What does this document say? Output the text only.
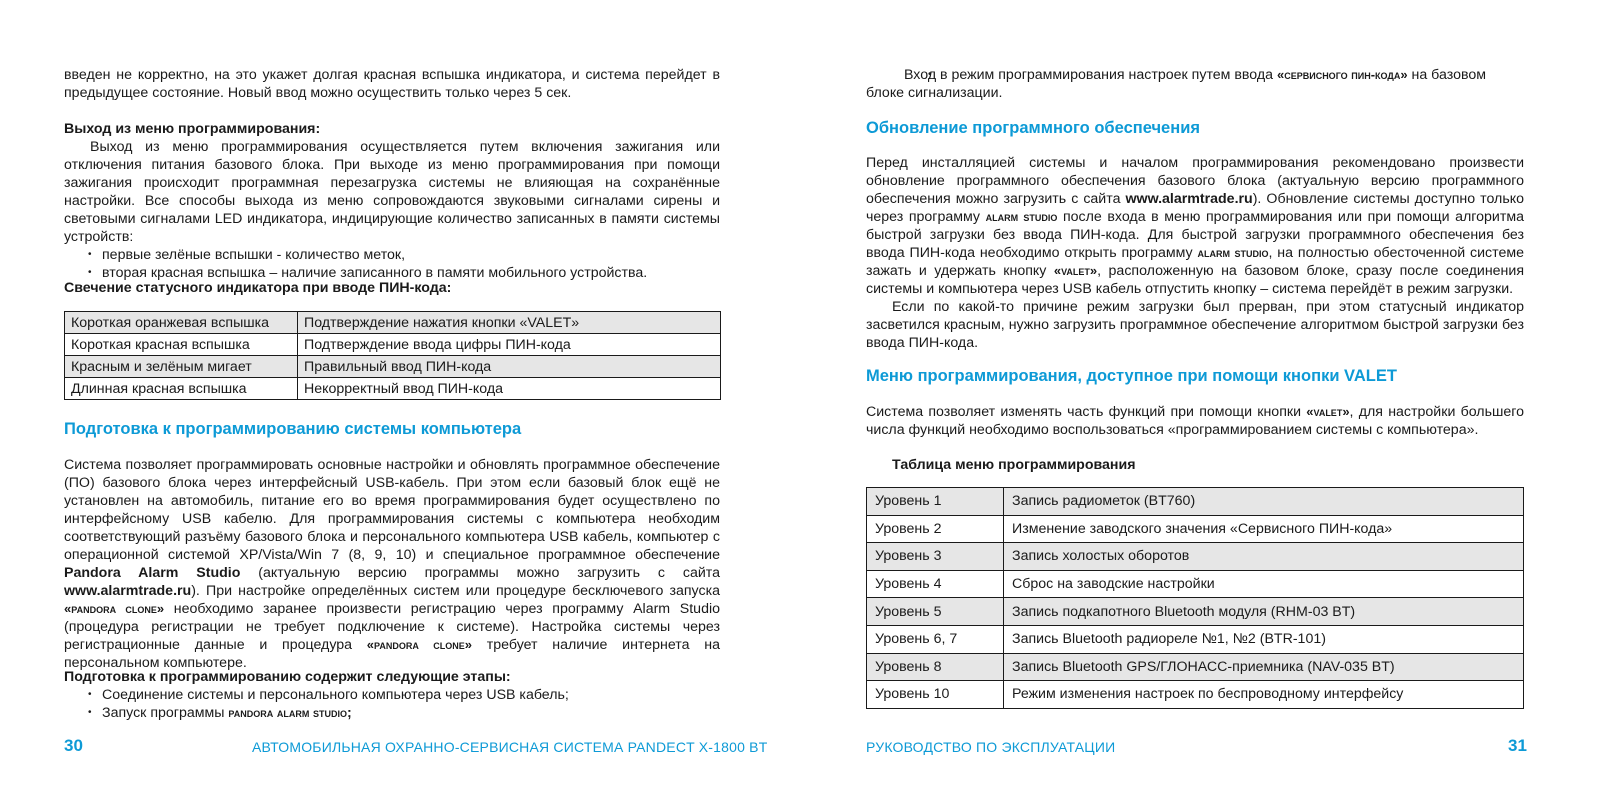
введен не корректно, на это укажет долгая красная вспышка индикатора, и система перейдет в предыдущее состояние. Новый ввод можно осуществить только через 5 сек.

Выход из меню программирования:

Выход из меню программирования осуществляется путем включения зажигания или отключения питания базового блока. При выходе из меню программирования при помощи зажигания происходит программная перезагрузка системы не влияющая на сохранённые настройки. Все способы выхода из меню сопровождаются звуковыми сигналами сирены и световыми сигналами LED индикатора, индицирующие количество записанных в памяти системы устройств:

• первые зелёные вспышки - количество меток,
• вторая красная вспышка – наличие записанного в памяти мобильного устройства.

Свечение статусного индикатора при вводе ПИН-кода:

Короткая оранжевая вспышка	Подтверждение нажатия кнопки «VALET»
Короткая красная вспышка	Подтверждение ввода цифры ПИН-кода
Красным и зелёным мигает	Правильный ввод ПИН-кода
Длинная красная вспышка	Некорректный ввод ПИН-кода

Подготовка к программированию системы компьютера

Система позволяет программировать основные настройки и обновлять программное обеспечение (ПО) базового блока через интерфейсный USB-кабель. При этом если базовый блок ещё не установлен на автомобиль, питание его во время программирования будет осуществлено по интерфейсному USB кабелю. Для программирования системы с компьютера необходим соответствующий разъёму базового блока и персонального компьютера USB кабель, компьютер с операционной системой XP/Vista/Win 7 (8, 9, 10) и специальное программное обеспечение Pandora Alarm Studio (актуальную версию программы можно загрузить с сайта www.alarmtrade.ru). При настройке определённых систем или процедуре бесключевого запуска «pandora clone» необходимо заранее произвести регистрацию через программу Alarm Studio (процедура регистрации не требует подключение к системе). Настройка системы через регистрационные данные и процедура «pandora clone» требует наличие интернета на персональном компьютере.

Подготовка к программированию содержит следующие этапы:

• Соединение системы и персонального компьютера через USB кабель;
• Запуск программы pandora alarm studio;
• Вход в режим программирования настроек путем ввода «сервисного пин-кода» на базовом блоке сигнализации.

Обновление программного обеспечения

Перед инсталляцией системы и началом программирования рекомендовано произвести обновление программного обеспечения базового блока (актуальную версию программного обеспечения можно загрузить с сайта www.alarmtrade.ru). Обновление системы доступно только через программу alarm studio после входа в меню программирования или при помощи алгоритма быстрой загрузки без ввода ПИН-кода. Для быстрой загрузки программного обеспечения без ввода ПИН-кода необходимо открыть программу alarm studio, на полностью обесточенной системе зажать и удержать кнопку «valet», расположенную на базовом блоке, сразу после соединения системы и компьютера через USB кабель отпустить кнопку – система перейдёт в режим загрузки.

Если по какой-то причине режим загрузки был прерван, при этом статусный индикатор засветился красным, нужно загрузить программное обеспечение алгоритмом быстрой загрузки без ввода ПИН-кода.

Меню программирования, доступное при помощи кнопки VALET

Система позволяет изменять часть функций при помощи кнопки «valet», для настройки большего числа функций необходимо воспользоваться «программированием системы с компьютера».

Таблица меню программирования

Уровень 1	Запись радиометок (BT760)
Уровень 2	Изменение заводского значения «Сервисного ПИН-кода»
Уровень 3	Запись холостых оборотов
Уровень 4	Сброс на заводские настройки
Уровень 5	Запись подкапотного Bluetooth модуля (RHM-03 BT)
Уровень 6, 7	Запись Bluetooth радиореле №1, №2 (BTR-101)
Уровень 8	Запись Bluetooth GPS/ГЛОНАСС-приемника (NAV-035 BT)
Уровень 10	Режим изменения настроек по беспроводному интерфейсу
30	АВТОМОБИЛЬНАЯ ОХРАННО-СЕРВИСНАЯ СИСТЕМА PANDECT X-1800 BT	РУКОВОДСТВО ПО ЭКСПЛУАТАЦИИ	31
